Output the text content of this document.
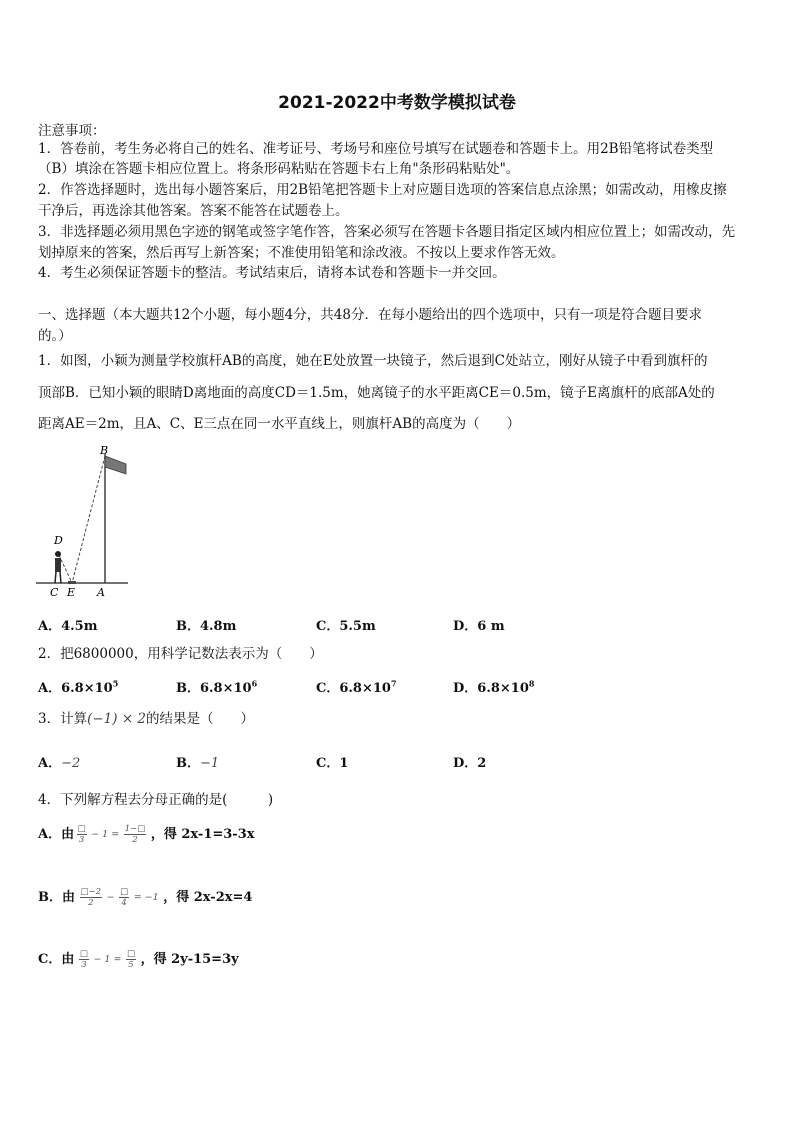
2021-2022中考数学模拟试卷
注意事项：
1．答卷前，考生务必将自己的姓名、准考证号、考场号和座位号填写在试题卷和答题卡上。用2B铅笔将试卷类型
（B）填涂在答题卡相应位置上。将条形码粘贴在答题卡右上角"条形码粘贴处"。
2．作答选择题时，选出每小题答案后，用2B铅笔把答题卡上对应题目选项的答案信息点涂黑；如需改动，用橡皮擦
干净后，再选涂其他答案。答案不能答在试题卷上。
3．非选择题必须用黑色字迹的钢笔或签字笔作答，答案必须写在答题卡各题目指定区域内相应位置上；如需改动，先
划掉原来的答案，然后再写上新答案；不准使用铅笔和涂改液。不按以上要求作答无效。
4．考生必须保证答题卡的整洁。考试结束后，请将本试卷和答题卡一并交回。
一、选择题（本大题共12个小题，每小题4分，共48分．在每小题给出的四个选项中，只有一项是符合题目要求
的。）
1．如图，小颖为测量学校旗杆AB的高度，她在E处放置一块镜子，然后退到C处站立，刚好从镜子中看到旗杆的
顶部B．已知小颖的眼睛D离地面的高度CD＝1.5m，她离镜子的水平距离CE＝0.5m，镜子E离旗杆的底部A处的
距离AE＝2m，且A、C、E三点在同一水平直线上，则旗杆AB的高度为（　　）
B
D
C E A
A．4.5m	B．4.8m	C．5.5m	D．6 m
2．把6800000，用科学记数法表示为（　　）
A．$6.8\times 10^5$	B．$6.8\times 10^6$	C．$6.8\times 10^7$	D．$6.8\times 10^8$
3．计算(−1) × 2的结果是（　　）
A．−2	B．−1	C．1	D．2
4．下列解方程去分母正确的是(　　　)
A．由 $\frac{□}{3} - 1 = \frac{1-□}{2}$ ，得 2x-1=3-3x
B．由 $\frac{□-2}{2} - \frac{□}{4} = -1$ ，得 2x-2x=4
C．由 $\frac{□}{3} - 1 = \frac{□}{5}$ ，得 2y-15=3y
